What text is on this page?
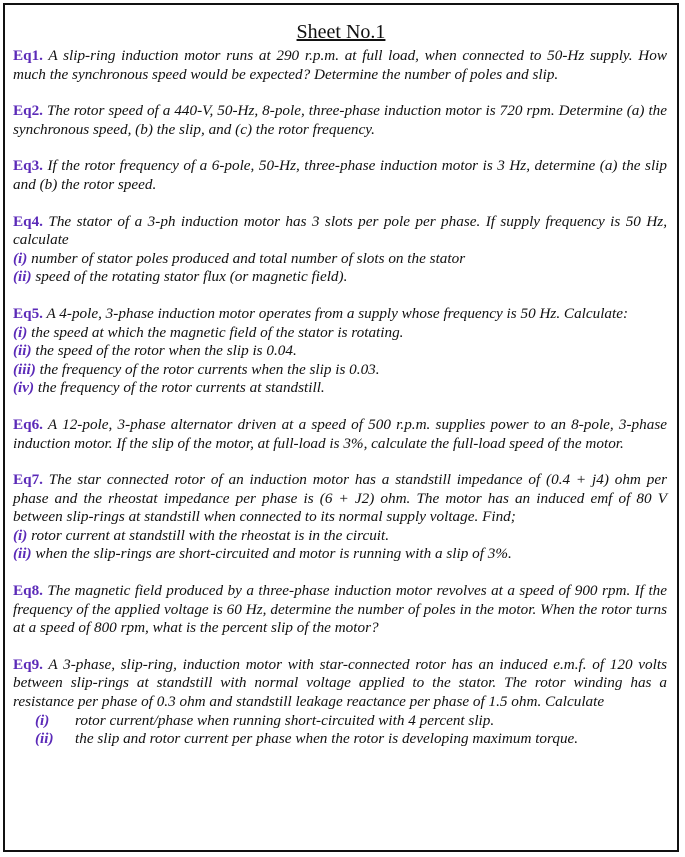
Sheet No.1
Eq1. A slip-ring induction motor runs at 290 r.p.m. at full load, when connected to 50-Hz supply. How much the synchronous speed would be expected? Determine the number of poles and slip.
Eq2. The rotor speed of a 440-V, 50-Hz, 8-pole, three-phase induction motor is 720 rpm. Determine (a) the synchronous speed, (b) the slip, and (c) the rotor frequency.
Eq3. If the rotor frequency of a 6-pole, 50-Hz, three-phase induction motor is 3 Hz, determine (a) the slip and (b) the rotor speed.
Eq4. The stator of a 3-ph induction motor has 3 slots per pole per phase. If supply frequency is 50 Hz, calculate
(i) number of stator poles produced and total number of slots on the stator
(ii) speed of the rotating stator flux (or magnetic field).
Eq5. A 4-pole, 3-phase induction motor operates from a supply whose frequency is 50 Hz. Calculate:
(i) the speed at which the magnetic field of the stator is rotating.
(ii) the speed of the rotor when the slip is 0.04.
(iii) the frequency of the rotor currents when the slip is 0.03.
(iv) the frequency of the rotor currents at standstill.
Eq6. A 12-pole, 3-phase alternator driven at a speed of 500 r.p.m. supplies power to an 8-pole, 3-phase induction motor. If the slip of the motor, at full-load is 3%, calculate the full-load speed of the motor.
Eq7. The star connected rotor of an induction motor has a standstill impedance of (0.4 + j4) ohm per phase and the rheostat impedance per phase is (6 + J2) ohm. The motor has an induced emf of 80 V between slip-rings at standstill when connected to its normal supply voltage. Find;
(i) rotor current at standstill with the rheostat is in the circuit.
(ii) when the slip-rings are short-circuited and motor is running with a slip of 3%.
Eq8. The magnetic field produced by a three-phase induction motor revolves at a speed of 900 rpm. If the frequency of the applied voltage is 60 Hz, determine the number of poles in the motor. When the rotor turns at a speed of 800 rpm, what is the percent slip of the motor?
Eq9. A 3-phase, slip-ring, induction motor with star-connected rotor has an induced e.m.f. of 120 volts between slip-rings at standstill with normal voltage applied to the stator. The rotor winding has a resistance per phase of 0.3 ohm and standstill leakage reactance per phase of 1.5 ohm. Calculate
(i) rotor current/phase when running short-circuited with 4 percent slip.
(ii) the slip and rotor current per phase when the rotor is developing maximum torque.
